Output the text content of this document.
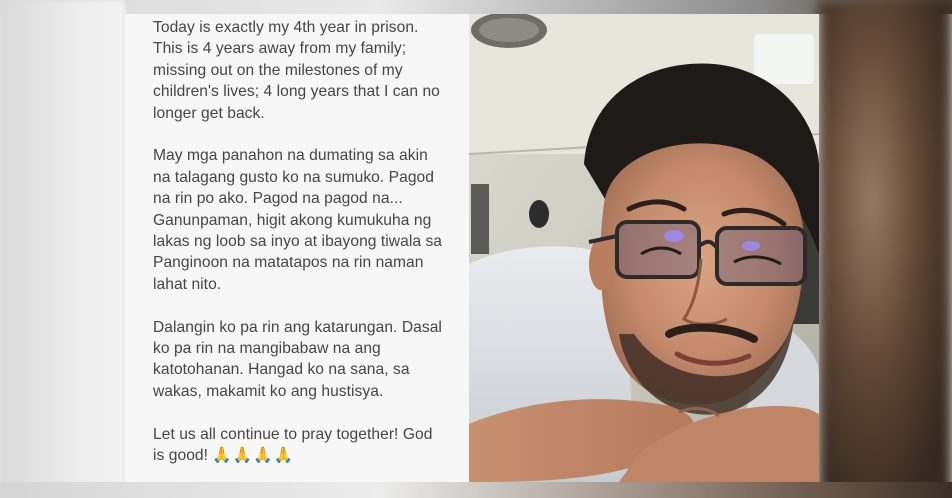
Today is exactly my 4th year in prison. This is 4 years away from my family; missing out on the milestones of my children's lives; 4 long years that I can no longer get back.

May mga panahon na dumating sa akin na talagang gusto ko na sumuko. Pagod na rin po ako. Pagod na pagod na... Ganunpaman, higit akong kumukuha ng lakas ng loob sa inyo at ibayong tiwala sa Panginoon na matatapos na rin naman lahat nito.

Dalangin ko pa rin ang katarungan. Dasal ko pa rin na mangibabaw na ang katotohanan. Hangad ko na sana, sa wakas, makamit ko ang hustisya.

Let us all continue to pray together! God is good! 🙏🙏🙏🙏
